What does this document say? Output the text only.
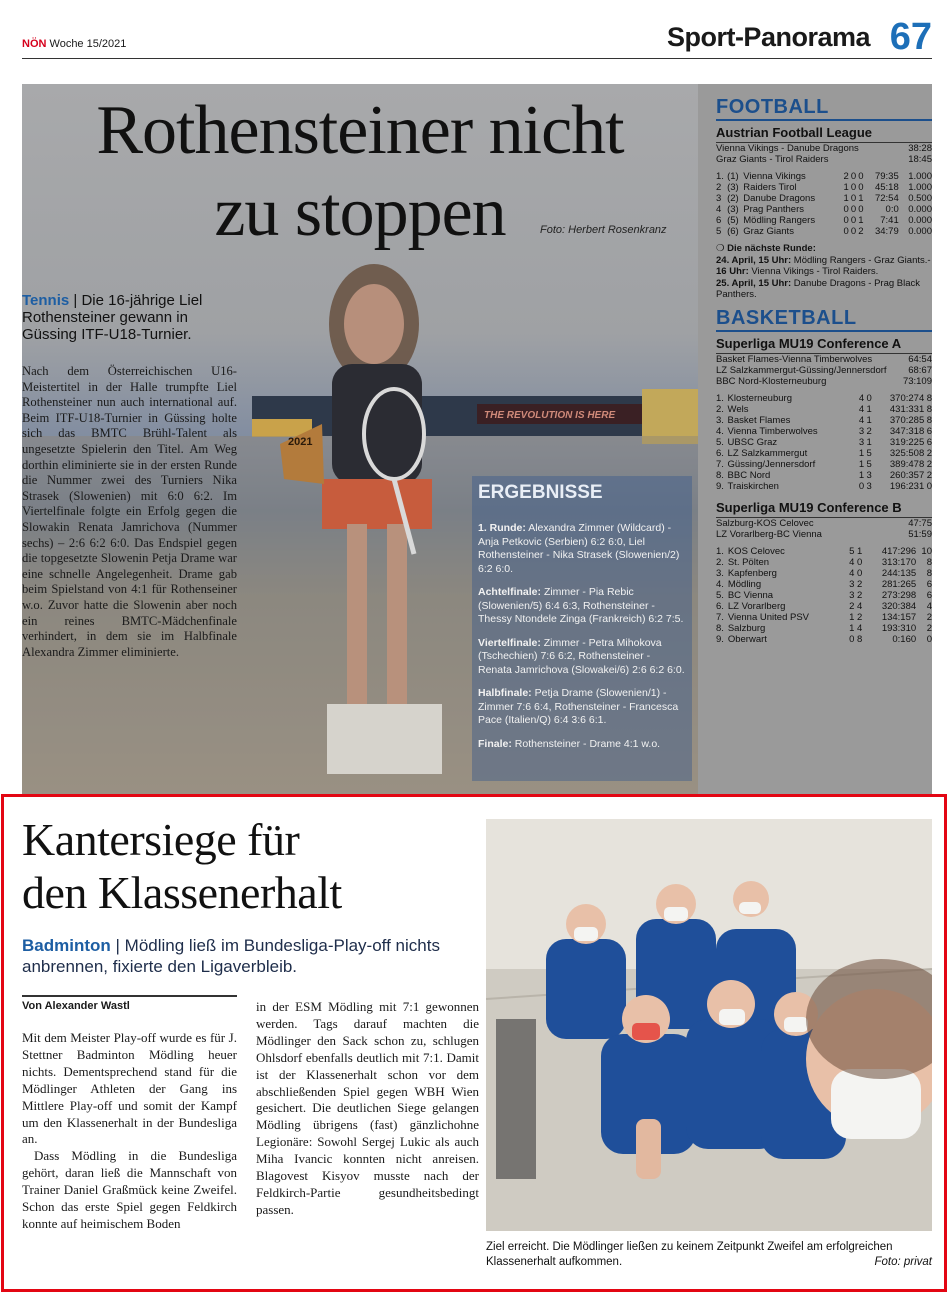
NÖN Woche 15/2021	Sport-Panorama 67
Rothensteiner nicht
zu stoppen	Foto: Herbert Rosenkranz
Tennis | Die 16-jährige Liel Rothensteiner gewann in Güssing ITF-U18-Turnier.

Nach dem Österreichischen U16-Meistertitel in der Halle trumpfte Liel Rothensteiner nun auch international auf. Beim ITF-U18-Turnier in Güssing holte sich das BMTC Brühl-Talent als ungesetzte Spielerin den Titel. Am Weg dorthin eliminierte sie in der ersten Runde die Nummer zwei des Turniers Nika Strasek (Slowenien) mit 6:0 6:2. Im Viertelfinale folgte ein Erfolg gegen die Slowakin Renata Jamrichova (Nummer sechs) – 2:6 6:2 6:0. Das Endspiel gegen die topgesetzte Slowenin Petja Drame war eine schnelle Angelegenheit. Drame gab beim Spielstand von 4:1 für Rothenseiner w.o. Zuvor hatte die Slowenin aber noch ein reines BMTC-Mädchenfinale verhindert, in dem sie im Halbfinale Alexandra Zimmer eliminierte.

ERGEBNISSE

1. Runde: Alexandra Zimmer (Wildcard) - Anja Petkovic (Serbien) 6:2 6:0, Liel Rothensteiner - Nika Strasek (Slowenien/2) 6:2 6:0.

Achtelfinale: Zimmer - Pia Rebic (Slowenien/5) 6:4 6:3, Rothensteiner - Thessy Ntondele Zinga (Frankreich) 6:2 7:5.

Viertelfinale: Zimmer - Petra Mihokova (Tschechien) 7:6 6:2, Rothensteiner - Renata Jamrichova (Slowakei/6) 2:6 6:2 6:0.

Halbfinale: Petja Drame (Slowenien/1) - Zimmer 7:6 6:4, Rothensteiner - Francesca Pace (Italien/Q) 6:4 3:6 6:1.

Finale: Rothensteiner - Drame 4:1 w.o.

2021
THE REVOLUTION IS HERE
FOOTBALL
Austrian Football League
Vienna Vikings - Danube Dragons	38:28
Graz Giants - Tirol Raiders	18:45
1.	(1)	Vienna Vikings	2	0	0	79:35	1.000
2	(3)	Raiders Tirol	1	0	0	45:18	1.000
3	(2)	Danube Dragons	1	0	1	72:54	0.500
4	(3)	Prag Panthers	0	0	0	0:0	0.000
6	(5)	Mödling Rangers	0	0	1	7:41	0.000
5	(6)	Graz Giants	0	0	2	34:79	0.000
❍ Die nächste Runde:
24. April, 15 Uhr: Mödling Rangers - Graz Giants.- 16 Uhr: Vienna Vikings - Tirol Raiders.
25. April, 15 Uhr: Danube Dragons - Prag Black Panthers.
BASKETBALL
Superliga MU19 Conference A
Basket Flames-Vienna Timberwolves	64:54
LZ Salzkammergut-Güssing/Jennersdorf 68:67
BBC Nord-Klosterneuburg	73:109
1.	Klosterneuburg	4	0	370:274	8
2.	Wels	4	1	431:331	8
3.	Basket Flames	4	1	370:285	8
4.	Vienna Timberwolves	3	2	347:318	6
5.	UBSC Graz	3	1	319:225	6
6.	LZ Salzkammergut	1	5	325:508	2
7.	Güssing/Jennersdorf	1	5	389:478	2
8.	BBC Nord	1	3	260:357	2
9.	Traiskirchen	0	3	196:231	0
Superliga MU19 Conference B
Salzburg-KOS Celovec	47:75
LZ Vorarlberg-BC Vienna	51:59
1.	KOS Celovec	5	1	417:296	10
2.	St. Pölten	4	0	313:170	8
3.	Kapfenberg	4	0	244:135	8
4.	Mödling	3	2	281:265	6
5.	BC Vienna	3	2	273:298	6
6.	LZ Vorarlberg	2	4	320:384	4
7.	Vienna United PSV	1	2	134:157	2
8.	Salzburg	1	4	193:310	2
9.	Oberwart	0	8	0:160	0
Kantersiege für
den Klassenerhalt
Badminton | Mödling ließ im Bundesliga-Play-off nichts anbrennen, fixierte den Ligaverbleib.
Von Alexander Wastl

Mit dem Meister Play-off wurde es für J. Stettner Badminton Mödling heuer nichts. Dementsprechend stand für die Mödlinger Athleten der Gang ins Mittlere Play-off und somit der Kampf um den Klassenerhalt in der Bundesliga an.

Dass Mödling in die Bundesliga gehört, daran ließ die Mannschaft von Trainer Daniel Graßmück keine Zweifel. Schon das erste Spiel gegen Feldkirch konnte auf heimischem Boden

in der ESM Mödling mit 7:1 gewonnen werden. Tags darauf machten die Mödlinger den Sack schon zu, schlugen Ohlsdorf ebenfalls deutlich mit 7:1. Damit ist der Klassenerhalt schon vor dem abschließenden Spiel gegen WBH Wien gesichert. Die deutlichen Siege gelangen Mödling übrigens (fast) gänzlichohne Legionäre: Sowohl Sergej Lukic als auch Miha Ivancic konnten nicht anreisen. Blagovest Kisyov musste nach der Feldkirch-Partie gesundheitsbedingt passen.

Ziel erreicht. Die Mödlinger ließen zu keinem Zeitpunkt Zweifel am erfolgreichen Klassenerhalt aufkommen.	Foto: privat
